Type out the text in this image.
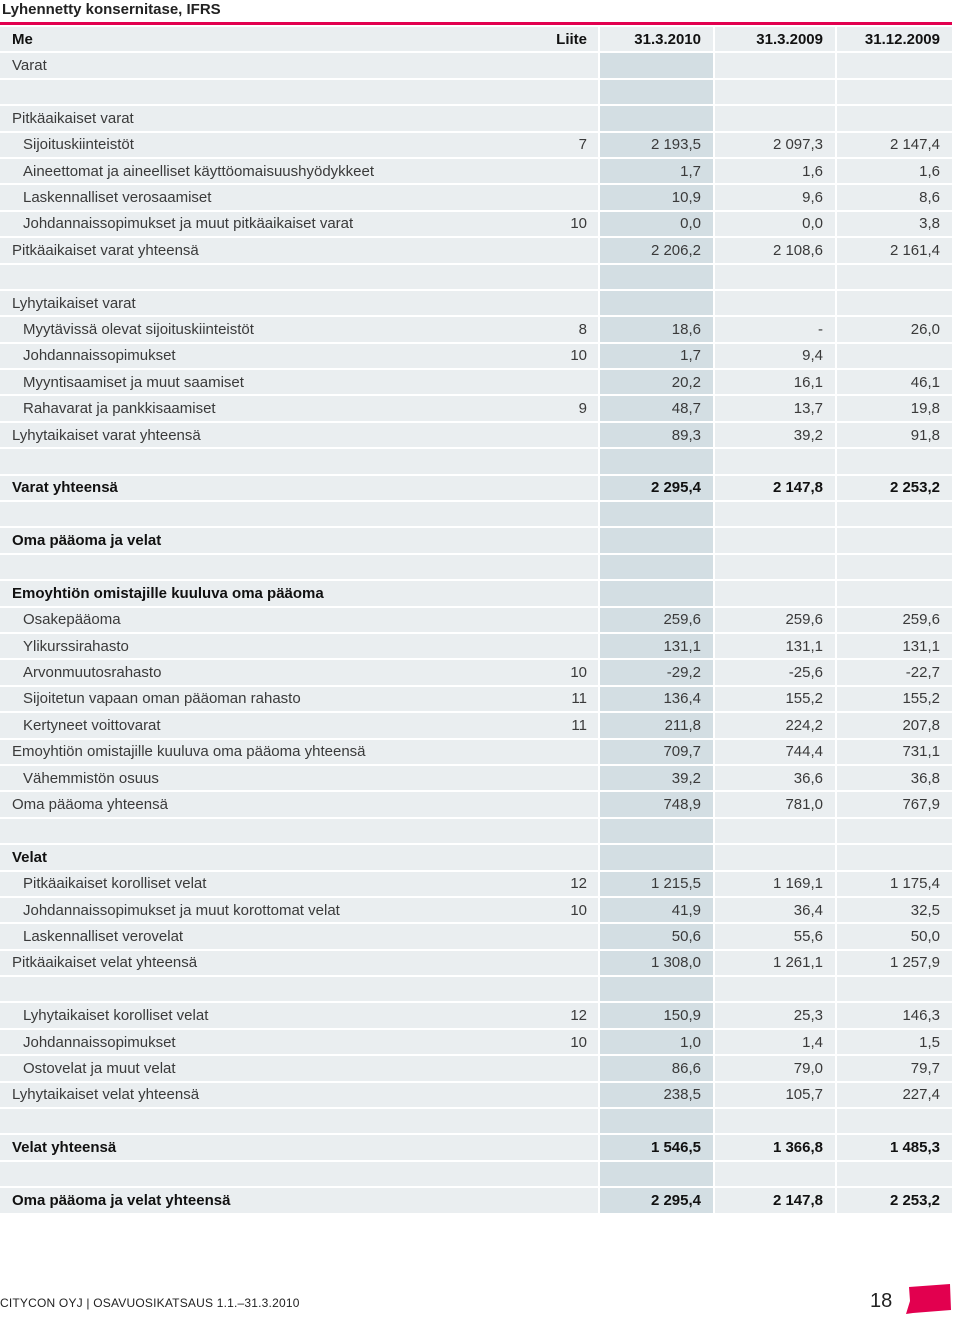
Lyhennetty konsernitase, IFRS
Me	Liite	31.3.2010	31.3.2009	31.12.2009
Varat				

Pitkäaikaiset varat				
Sijoituskiinteistöt	7	2 193,5	2 097,3	2 147,4
Aineettomat ja aineelliset käyttöomaisuushyödykkeet		1,7	1,6	1,6
Laskennalliset verosaamiset		10,9	9,6	8,6
Johdannaissopimukset ja muut pitkäaikaiset varat	10	0,0	0,0	3,8
Pitkäaikaiset varat yhteensä		2 206,2	2 108,6	2 161,4

Lyhytaikaiset varat				
Myytävissä olevat sijoituskiinteistöt	8	18,6	-	26,0
Johdannaissopimukset	10	1,7	9,4	
Myyntisaamiset ja muut saamiset		20,2	16,1	46,1
Rahavarat ja pankkisaamiset	9	48,7	13,7	19,8
Lyhytaikaiset varat yhteensä		89,3	39,2	91,8

Varat yhteensä		2 295,4	2 147,8	2 253,2

Oma pääoma ja velat				

Emoyhtiön omistajille kuuluva oma pääoma				
Osakepääoma		259,6	259,6	259,6
Ylikurssirahasto		131,1	131,1	131,1
Arvonmuutosrahasto	10	-29,2	-25,6	-22,7
Sijoitetun vapaan oman pääoman rahasto	11	136,4	155,2	155,2
Kertyneet voittovarat	11	211,8	224,2	207,8
Emoyhtiön omistajille kuuluva oma pääoma yhteensä		709,7	744,4	731,1
Vähemmistön osuus		39,2	36,6	36,8
Oma pääoma yhteensä		748,9	781,0	767,9

Velat				
Pitkäaikaiset korolliset velat	12	1 215,5	1 169,1	1 175,4
Johdannaissopimukset ja muut korottomat velat	10	41,9	36,4	32,5
Laskennalliset verovelat		50,6	55,6	50,0
Pitkäaikaiset velat yhteensä		1 308,0	1 261,1	1 257,9

Lyhytaikaiset korolliset velat	12	150,9	25,3	146,3
Johdannaissopimukset	10	1,0	1,4	1,5
Ostovelat ja muut velat		86,6	79,0	79,7
Lyhytaikaiset velat yhteensä		238,5	105,7	227,4

Velat yhteensä		1 546,5	1 366,8	1 485,3

Oma pääoma ja velat yhteensä		2 295,4	2 147,8	2 253,2
CITYCON OYJ | OSAVUOSIKATSAUS 1.1.–31.3.2010	18
